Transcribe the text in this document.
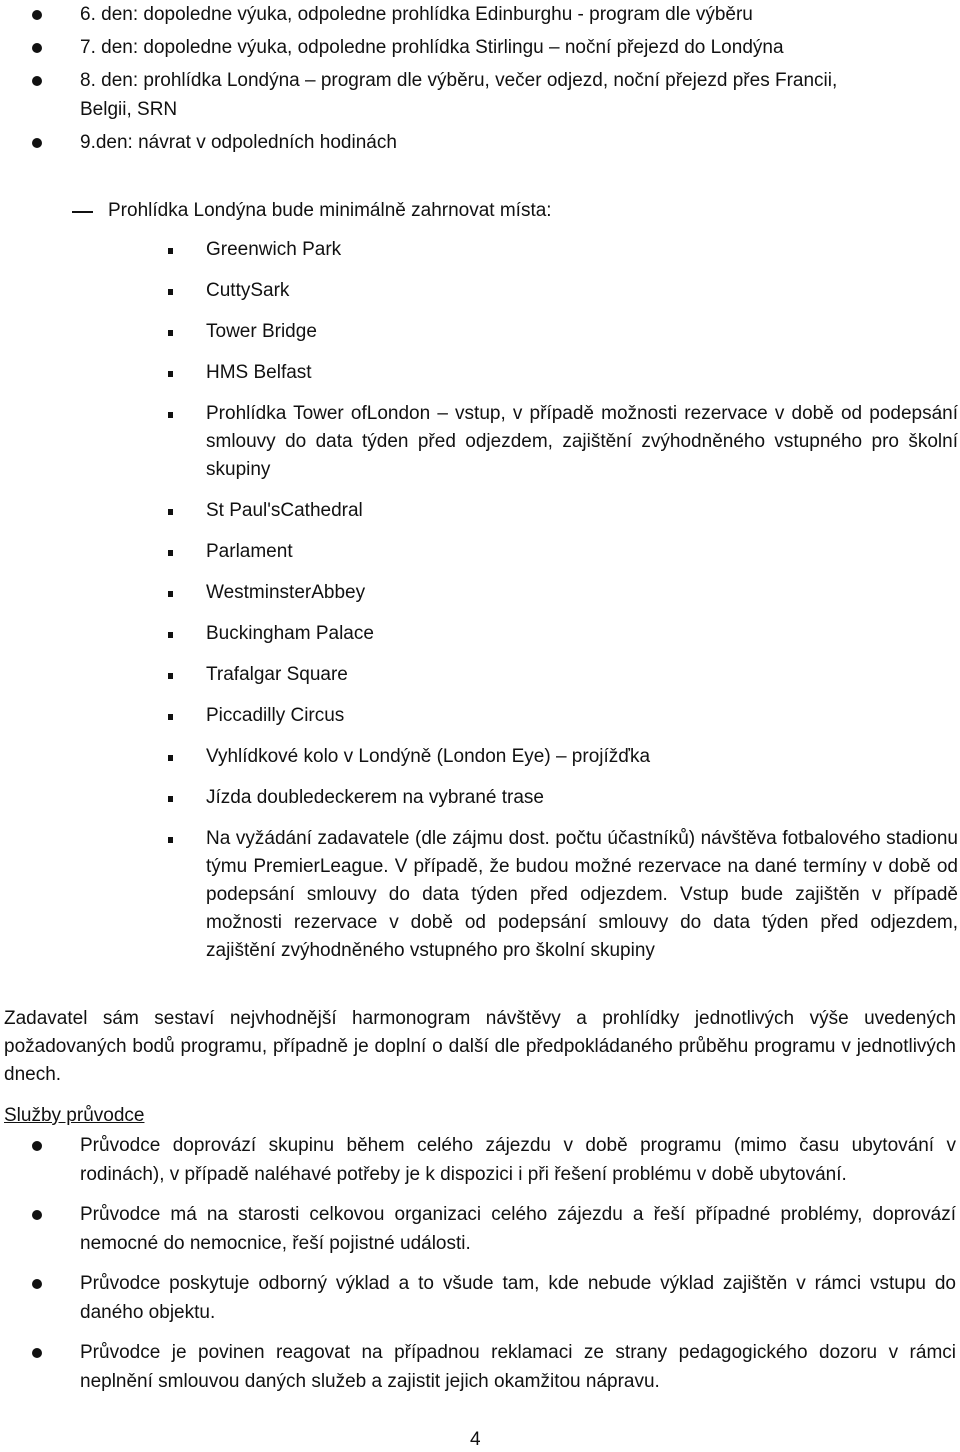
6. den: dopoledne výuka, odpoledne prohlídka Edinburghu - program dle výběru
7. den: dopoledne výuka, odpoledne prohlídka Stirlingu – noční přejezd do Londýna
8. den: prohlídka Londýna – program dle výběru, večer odjezd, noční přejezd přes Francii, Belgii, SRN
9.den: návrat v odpoledních hodinách
Prohlídka Londýna bude minimálně zahrnovat místa:
Greenwich Park
CuttySark
Tower Bridge
HMS Belfast
Prohlídka Tower ofLondon – vstup, v případě možnosti rezervace v době od podepsání smlouvy do data týden před odjezdem, zajištění zvýhodněného vstupného pro školní skupiny
St Paul'sCathedral
Parlament
WestminsterAbbey
Buckingham Palace
Trafalgar Square
Piccadilly Circus
Vyhlídkové kolo v Londýně (London Eye) – projížďka
Jízda doubledeckerem na vybrané trase
Na vyžádání zadavatele (dle zájmu dost. počtu účastníků) návštěva fotbalového stadionu týmu PremierLeague. V případě, že budou možné rezervace na dané termíny v době od podepsání smlouvy do data týden před odjezdem. Vstup bude zajištěn v případě možnosti rezervace v době od podepsání smlouvy do data týden před odjezdem, zajištění zvýhodněného vstupného pro školní skupiny
Zadavatel sám sestaví nejvhodnější harmonogram návštěvy a prohlídky jednotlivých výše uvedených požadovaných bodů programu, případně je doplní o další dle předpokládaného průběhu programu v jednotlivých dnech.
Služby průvodce
Průvodce doprovází skupinu během celého zájezdu v době programu (mimo času ubytování v rodinách), v případě naléhavé potřeby je k dispozici i při řešení problému v době ubytování.
Průvodce má na starosti celkovou organizaci celého zájezdu a řeší případné problémy, doprovází nemocné do nemocnice, řeší pojistné události.
Průvodce poskytuje odborný výklad a to všude tam, kde nebude výklad zajištěn v rámci vstupu do daného objektu.
Průvodce je povinen reagovat na případnou reklamaci ze strany pedagogického dozoru v rámci neplnění smlouvou daných služeb a zajistit jejich okamžitou nápravu.
4
